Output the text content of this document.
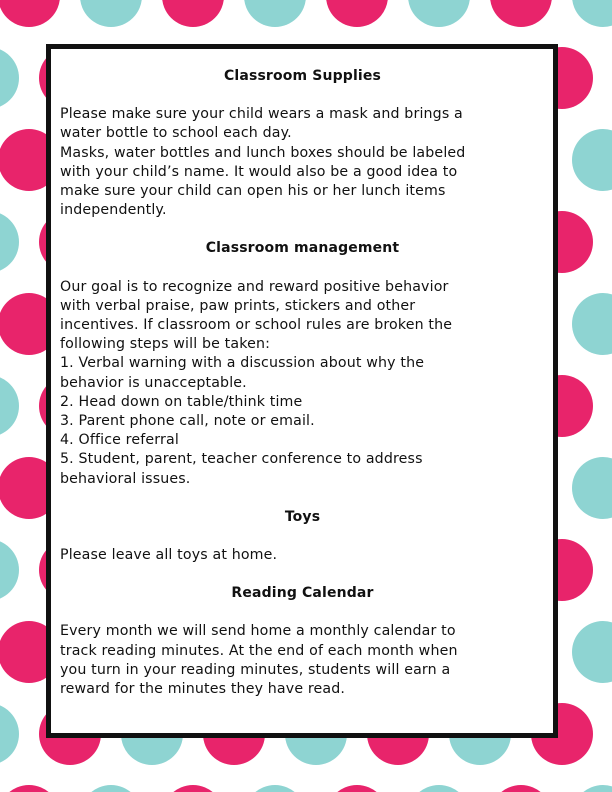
Classroom Supplies

Please make sure your child wears a mask and brings a
water bottle to school each day.
Masks, water bottles and lunch boxes should be labeled
with your child’s name. It would also be a good idea to
make sure your child can open his or her lunch items
independently.

Classroom management

Our goal is to recognize and reward positive behavior
with verbal praise, paw prints, stickers and other
incentives. If classroom or school rules are broken the
following steps will be taken:
1. Verbal warning with a discussion about why the
behavior is unacceptable.
2. Head down on table/think time
3. Parent phone call, note or email.
4. Office referral
5. Student, parent, teacher conference to address
behavioral issues.

Toys

Please leave all toys at home.

Reading Calendar

Every month we will send home a monthly calendar to
track reading minutes. At the end of each month when
you turn in your reading minutes, students will earn a
reward for the minutes they have read.
